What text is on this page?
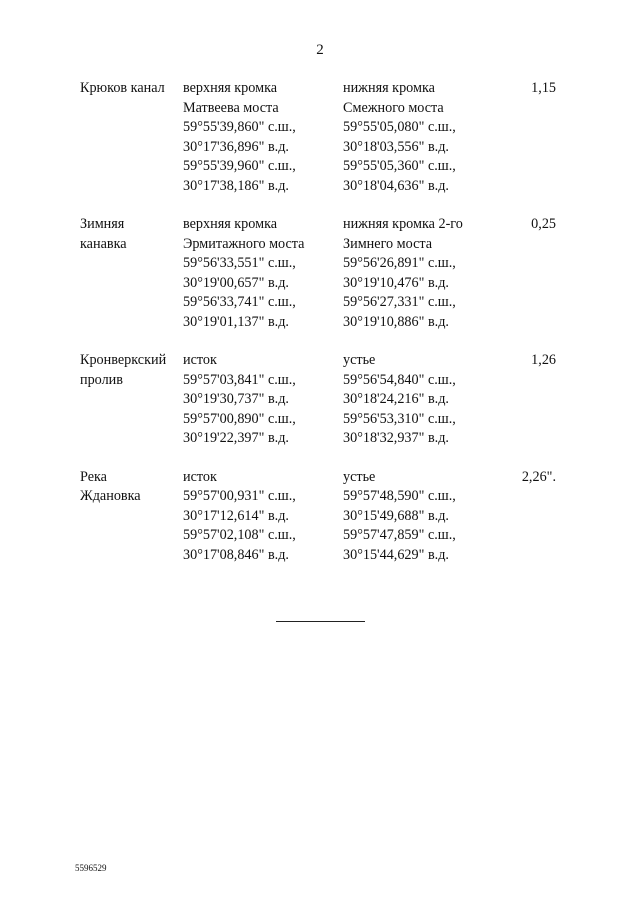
2
Крюков канал	верхняя кромка
Матвеева моста
59°55'39,860" с.ш.,
30°17'36,896" в.д.
59°55'39,960" с.ш.,
30°17'38,186" в.д.
нижняя кромка
Смежного моста
59°55'05,080" с.ш.,
30°18'03,556" в.д.
59°55'05,360" с.ш.,
30°18'04,636" в.д.
1,15
Зимняя
канавка
верхняя кромка
Эрмитажного моста
59°56'33,551" с.ш.,
30°19'00,657" в.д.
59°56'33,741" с.ш.,
30°19'01,137" в.д.
нижняя кромка 2-го
Зимнего моста
59°56'26,891" с.ш.,
30°19'10,476" в.д.
59°56'27,331" с.ш.,
30°19'10,886" в.д.
0,25
Кронверкский
пролив
исток
59°57'03,841" с.ш.,
30°19'30,737" в.д.
59°57'00,890" с.ш.,
30°19'22,397" в.д.
устье
59°56'54,840" с.ш.,
30°18'24,216" в.д.
59°56'53,310" с.ш.,
30°18'32,937" в.д.
1,26
Река
Ждановка
исток
59°57'00,931" с.ш.,
30°17'12,614" в.д.
59°57'02,108" с.ш.,
30°17'08,846" в.д.
устье
59°57'48,590" с.ш.,
30°15'49,688" в.д.
59°57'47,859" с.ш.,
30°15'44,629" в.д.
2,26".
5596529
